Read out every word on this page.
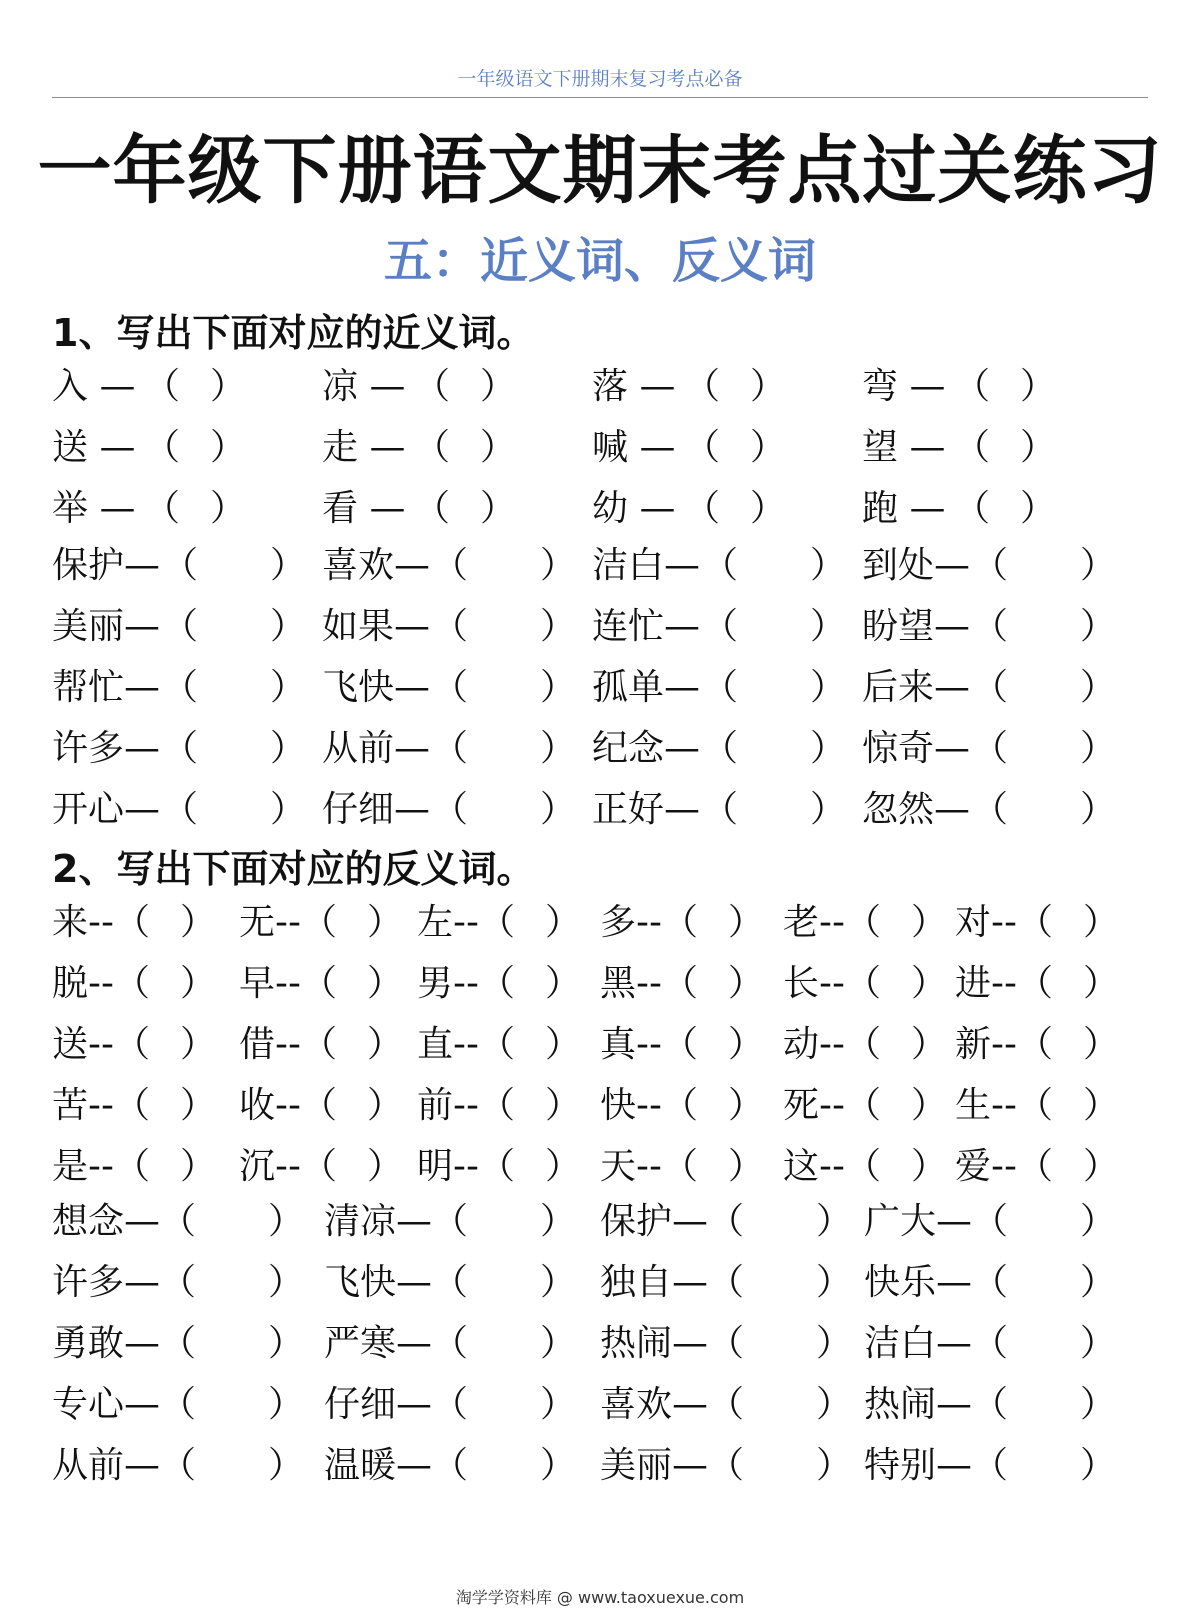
一年级语文下册期末复习考点必备
一年级下册语文期末考点过关练习
五：近义词、反义词
1、写出下面对应的近义词。
入 — （ ） 凉 — （ ） 落 — （ ） 弯 — （ ）
送 — （ ） 走 — （ ） 喊 — （ ） 望 — （ ）
举 — （ ） 看 — （ ） 幼 — （ ） 跑 — （ ）
保护— （ ） 喜欢— （ ） 洁白— （ ） 到处— （ ）
美丽— （ ） 如果— （ ） 连忙— （ ） 盼望— （ ）
帮忙— （ ） 飞快— （ ） 孤单— （ ） 后来— （ ）
许多— （ ） 从前— （ ） 纪念— （ ） 惊奇— （ ）
开心— （ ） 仔细— （ ） 正好— （ ） 忽然— （ ）
2、写出下面对应的反义词。
来-- （ ） 无-- （ ） 左-- （ ） 多-- （ ） 老-- （ ） 对-- （ ）
脱-- （ ） 早-- （ ） 男-- （ ） 黑-- （ ） 长-- （ ） 进-- （ ）
送-- （ ） 借-- （ ） 直-- （ ） 真-- （ ） 动-- （ ） 新-- （ ）
苦-- （ ） 收-- （ ） 前-- （ ） 快-- （ ） 死-- （ ） 生-- （ ）
是-- （ ） 沉-- （ ） 明-- （ ） 天-- （ ） 这-- （ ） 爱-- （ ）
想念— （ ） 清凉— （ ） 保护— （ ） 广大— （ ）
许多— （ ） 飞快— （ ） 独自— （ ） 快乐— （ ）
勇敢— （ ） 严寒— （ ） 热闹— （ ） 洁白— （ ）
专心— （ ） 仔细— （ ） 喜欢— （ ） 热闹— （ ）
从前— （ ） 温暖— （ ） 美丽— （ ） 特别— （ ）
淘学学资料库 @ www.taoxuexue.com
